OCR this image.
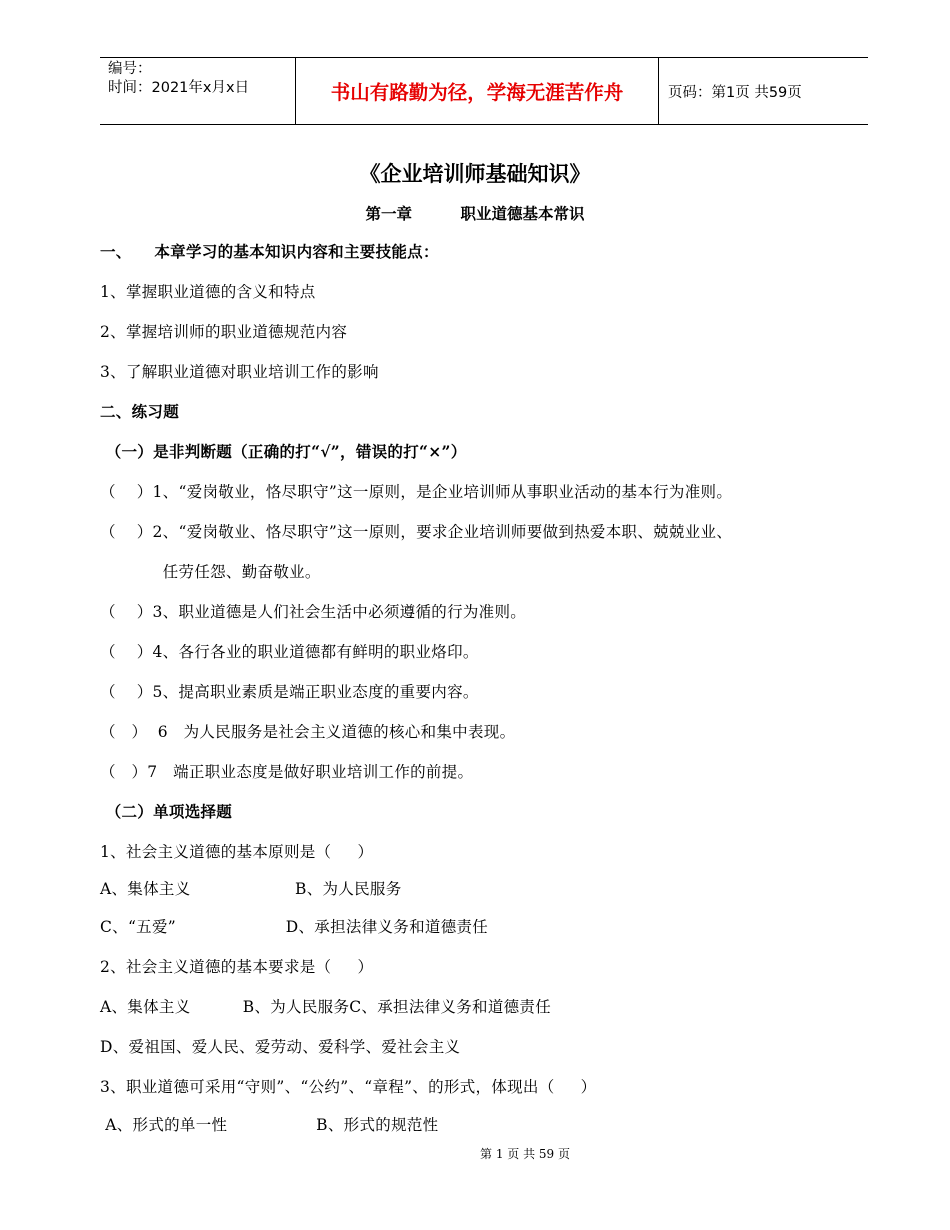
编号：
时间：2021年x月x日	书山有路勤为径，学海无涯苦作舟	页码：第1页 共59页
《企业培训师基础知识》
第一章         职业道德基本常识
一、    本章学习的基本知识内容和主要技能点：
1、掌握职业道德的含义和特点
2、掌握培训师的职业道德规范内容
3、了解职业道德对职业培训工作的影响
二、练习题
（一）是非判断题（正确的打“√”，错误的打“×”）
（    ）1、“爱岗敬业，恪尽职守”这一原则，是企业培训师从事职业活动的基本行为准则。
（    ）2、“爱岗敬业、恪尽职守”这一原则，要求企业培训师要做到热爱本职、兢兢业业、
任劳任怨、勤奋敬业。
（    ）3、职业道德是人们社会生活中必须遵循的行为准则。
（    ）4、各行各业的职业道德都有鲜明的职业烙印。
（    ）5、提高职业素质是端正职业态度的重要内容。
（   ）  6   为人民服务是社会主义道德的核心和集中表现。
（   ）7   端正职业态度是做好职业培训工作的前提。
（二）单项选择题
1、社会主义道德的基本原则是（     ）
A、集体主义                    B、为人民服务
C、“五爱”                     D、承担法律义务和道德责任
2、社会主义道德的基本要求是（     ）
A、集体主义          B、为人民服务C、承担法律义务和道德责任
D、爱祖国、爱人民、爱劳动、爱科学、爱社会主义
3、职业道德可采用“守则”、“公约”、“章程”、的形式，体现出（     ）
A、形式的单一性                 B、形式的规范性
第 1 页 共 59 页
